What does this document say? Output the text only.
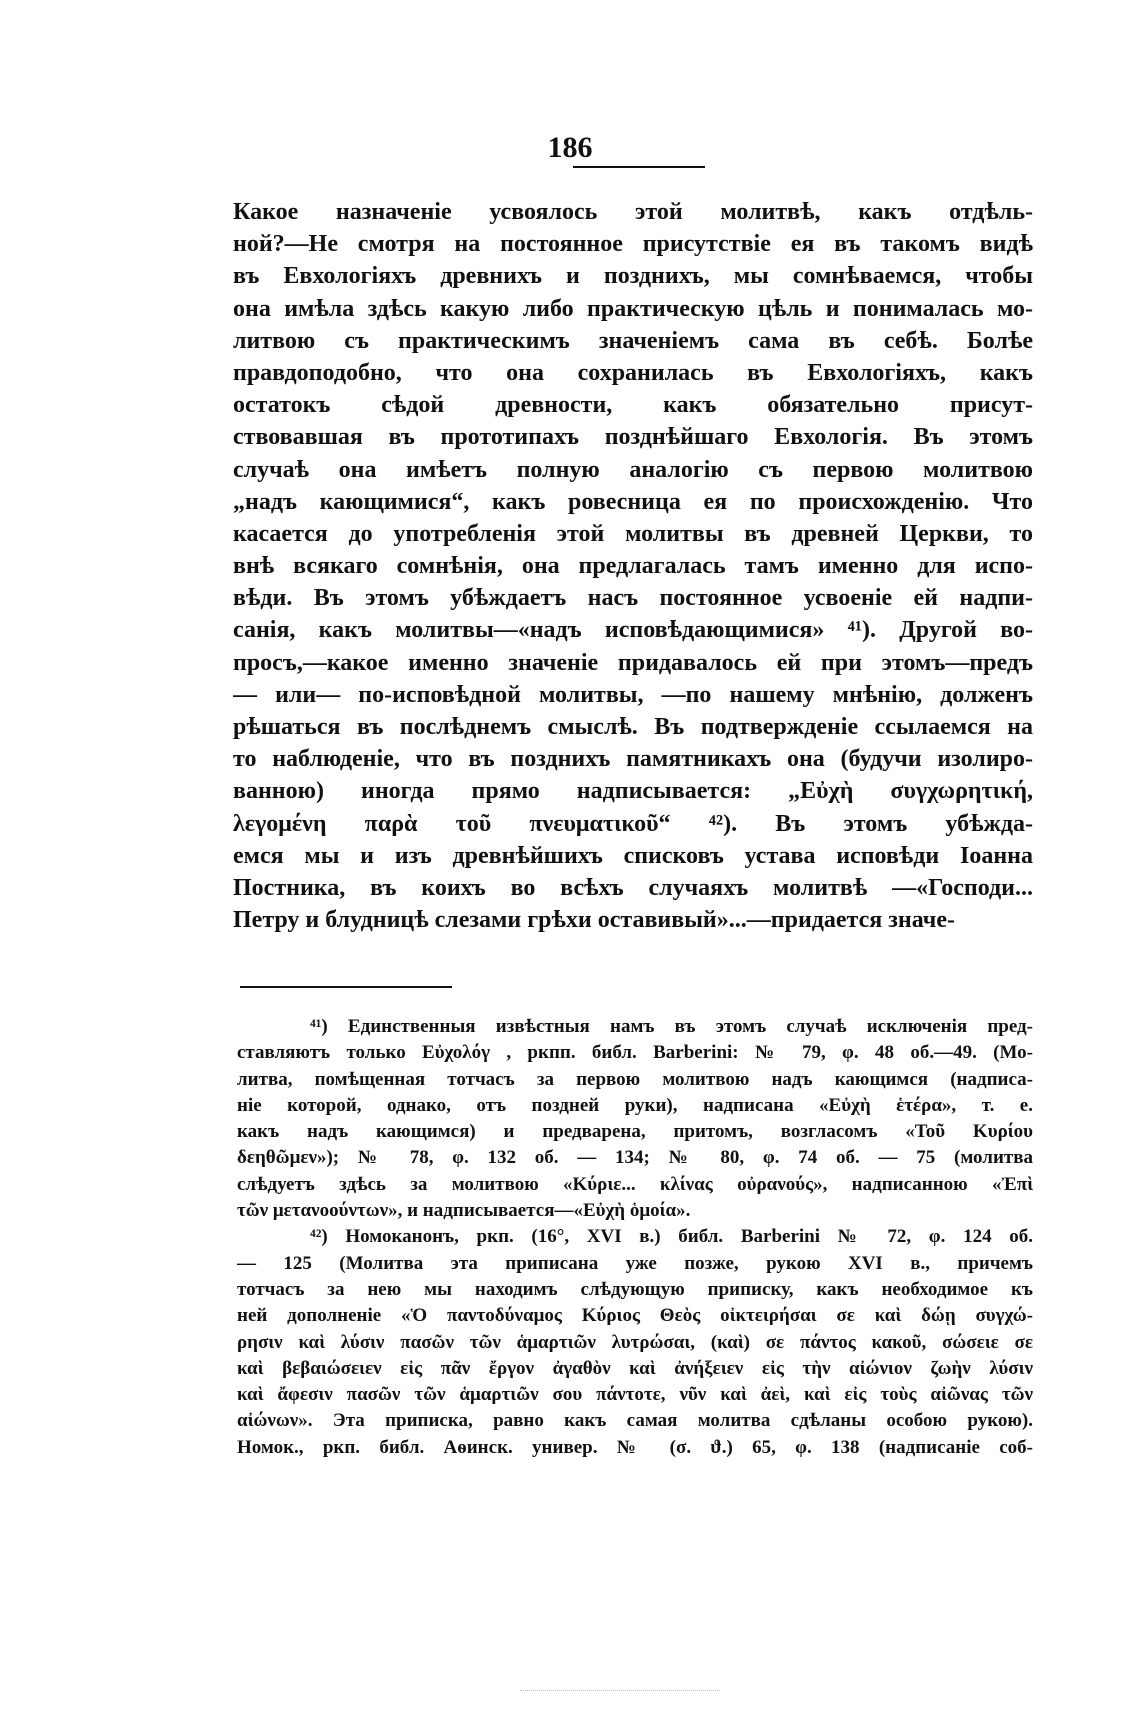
186
Какое назначеніе усвоялось этой молитвѣ, какъ отдѣль-
ной?—Не смотря на постоянное присутствіе ея въ такомъ видѣ
въ Евхологіяхъ древнихъ и позднихъ, мы сомнѣваемся, чтобы
она имѣла здѣсь какую либо практическую цѣль и понималась мо-
литвою съ практическимъ значеніемъ сама въ себѣ. Болѣе
правдоподобно, что она сохранилась въ Евхологіяхъ, какъ
остатокъ сѣдой древности, какъ обязательно присут-
ствовавшая въ прототипахъ позднѣйшаго Евхологія. Въ этомъ
случаѣ она имѣетъ полную аналогію съ первою молитвою
„надъ кающимися“, какъ ровесница ея по происхожденію. Что
касается до употребленія этой молитвы въ древней Церкви, то
внѣ всякаго сомнѣнія, она предлагалась тамъ именно для испо-
вѣди. Въ этомъ убѣждаетъ насъ постоянное усвоеніе ей надпи-
санія, какъ молитвы—«надъ исповѣдающимися» ⁴¹). Другой во-
просъ,—какое именно значеніе придавалось ей при этомъ—предъ
— или— по-исповѣдной молитвы, —по нашему мнѣнію, долженъ
рѣшаться въ послѣднемъ смыслѣ. Въ подтвержденіе ссылаемся на
то наблюденіе, что въ позднихъ памятникахъ она (будучи изолиро-
ванною) иногда прямо надписывается: „Εὐχὴ συγχωρητική,
λεγομένη παρὰ τοῦ πνευματικοῦ“ ⁴²). Въ этомъ убѣжда-
емся мы и изъ древнѣйшихъ списковъ устава исповѣди Іоанна
Постника, въ коихъ во всѣхъ случаяхъ молитвѣ —«Господи...
Петру и блудницѣ слезами грѣхи оставивый»...—придается значе-
⁴¹) Единственныя извѣстныя намъ въ этомъ случаѣ исключенія пред-
ставляютъ только Εὐχολόγ , ркпп. библ. Barberini: № 79, φ. 48 об.—49. (Мо-
литва, помѣщенная тотчасъ за первою молитвою надъ кающимся (надписа-
ніе которой, однако, отъ поздней руки), надписана «Εὐχὴ ἑτέρα», т. е.
какъ надъ кающимся) и предварена, притомъ, возгласомъ «Τοῦ Κυρίου
δεηθῶμεν»); № 78, φ. 132 об. — 134; № 80, φ. 74 об. — 75 (молитва
слѣдуетъ здѣсь за молитвою «Κύριε... κλίνας οὐρανούς», надписанною «Ἐπὶ
τῶν μετανοούντων», и надписывается—«Εὐχὴ ὁμοία».
⁴²) Номоканонъ, ркп. (16°, XVI в.) библ. Barberini № 72, φ. 124 об.
— 125 (Молитва эта приписана уже позже, рукою XVI в., причемъ
тотчасъ за нею мы находимъ слѣдующую приписку, какъ необходимое къ
ней дополненіе «Ὁ παντοδύναμος Κύριος Θεὸς οἰκτειρήσαι σε καὶ δώῃ συγχώ-
ρησιν καὶ λύσιν πασῶν τῶν ἁμαρτιῶν λυτρώσαι, (καὶ) σε πάντος κακοῦ, σώσειε σε
καὶ βεβαιώσειεν εἰς πᾶν ἔργον ἀγαθὸν καὶ ἀνήξειεν εἰς τὴν αἰώνιον ζωὴν λύσιν
καὶ ἄφεσιν πασῶν τῶν ἁμαρτιῶν σου πάντοτε, νῦν καὶ ἀεὶ, καὶ εἰς τοὺς αἰῶνας τῶν
αἰώνων». Эта приписка, равно какъ самая молитва сдѣланы особою рукою).
Номок., ркп. библ. Аѳинск. универ. № (σ. ϑ.) 65, φ. 138 (надписаніе соб-
